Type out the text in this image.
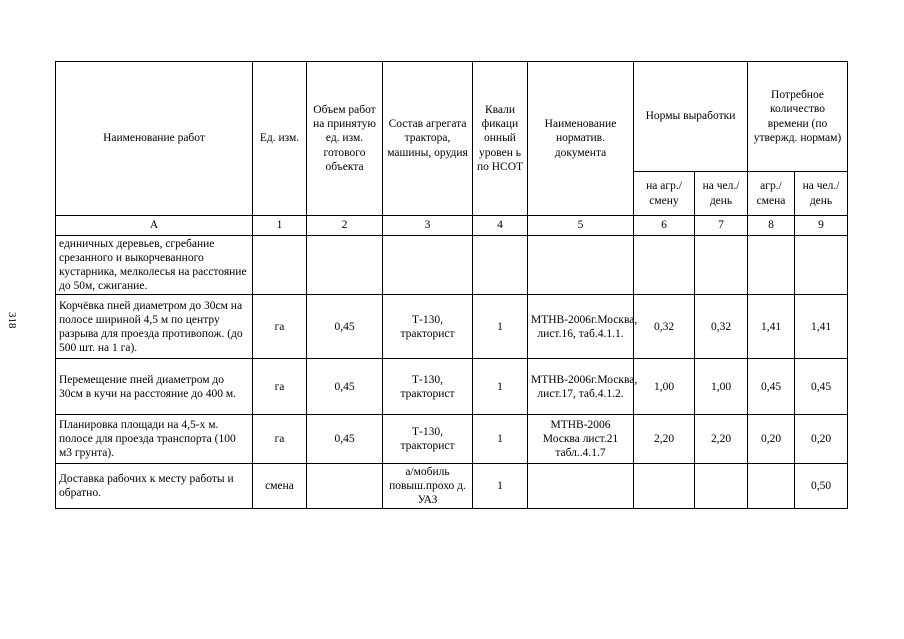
318
Наименование работ	Ед. изм.	Объем работ на принятую ед. изм. готового объекта	Состав агрегата трактора, машины, орудия	Квали фикаци онный уровен ь по НСОТ	Наименование норматив. документа	Нормы выработки		Потребное количество времени (по утвержд. нормам)	
						на агр./ смену	на чел./ день	агр./ смена	на чел./ день
А	1	2	3	4	5	6	7	8	9
единичных деревьев, сгребание срезанного и выкорчеванного кустарника, мелколесья на расстояние до 50м, сжигание.									
Корчёвка пней диаметром до 30см на полосе шириной 4,5 м по центру разрыва для проезда противопож. (до 500 шт. на 1 га).	га	0,45	Т-130, тракторист	1	МТНВ-2006г.Москва, лист.16, таб.4.1.1.	0,32	0,32	1,41	1,41
Перемещение пней диаметром до 30см в кучи на расстояние до 400 м.	га	0,45	Т-130, тракторист	1	МТНВ-2006г.Москва, лист.17, таб.4.1.2.	1,00	1,00	0,45	0,45
Планировка площади на 4,5-х м. полосе для проезда транспорта (100 м3 грунта).	га	0,45	Т-130, тракторист	1	МТНВ-2006 Москва лист.21 табл..4.1.7	2,20	2,20	0,20	0,20
Доставка рабочих к месту работы и обратно.	смена		а/мобиль повыш.прохо д. УАЗ	1					0,50
